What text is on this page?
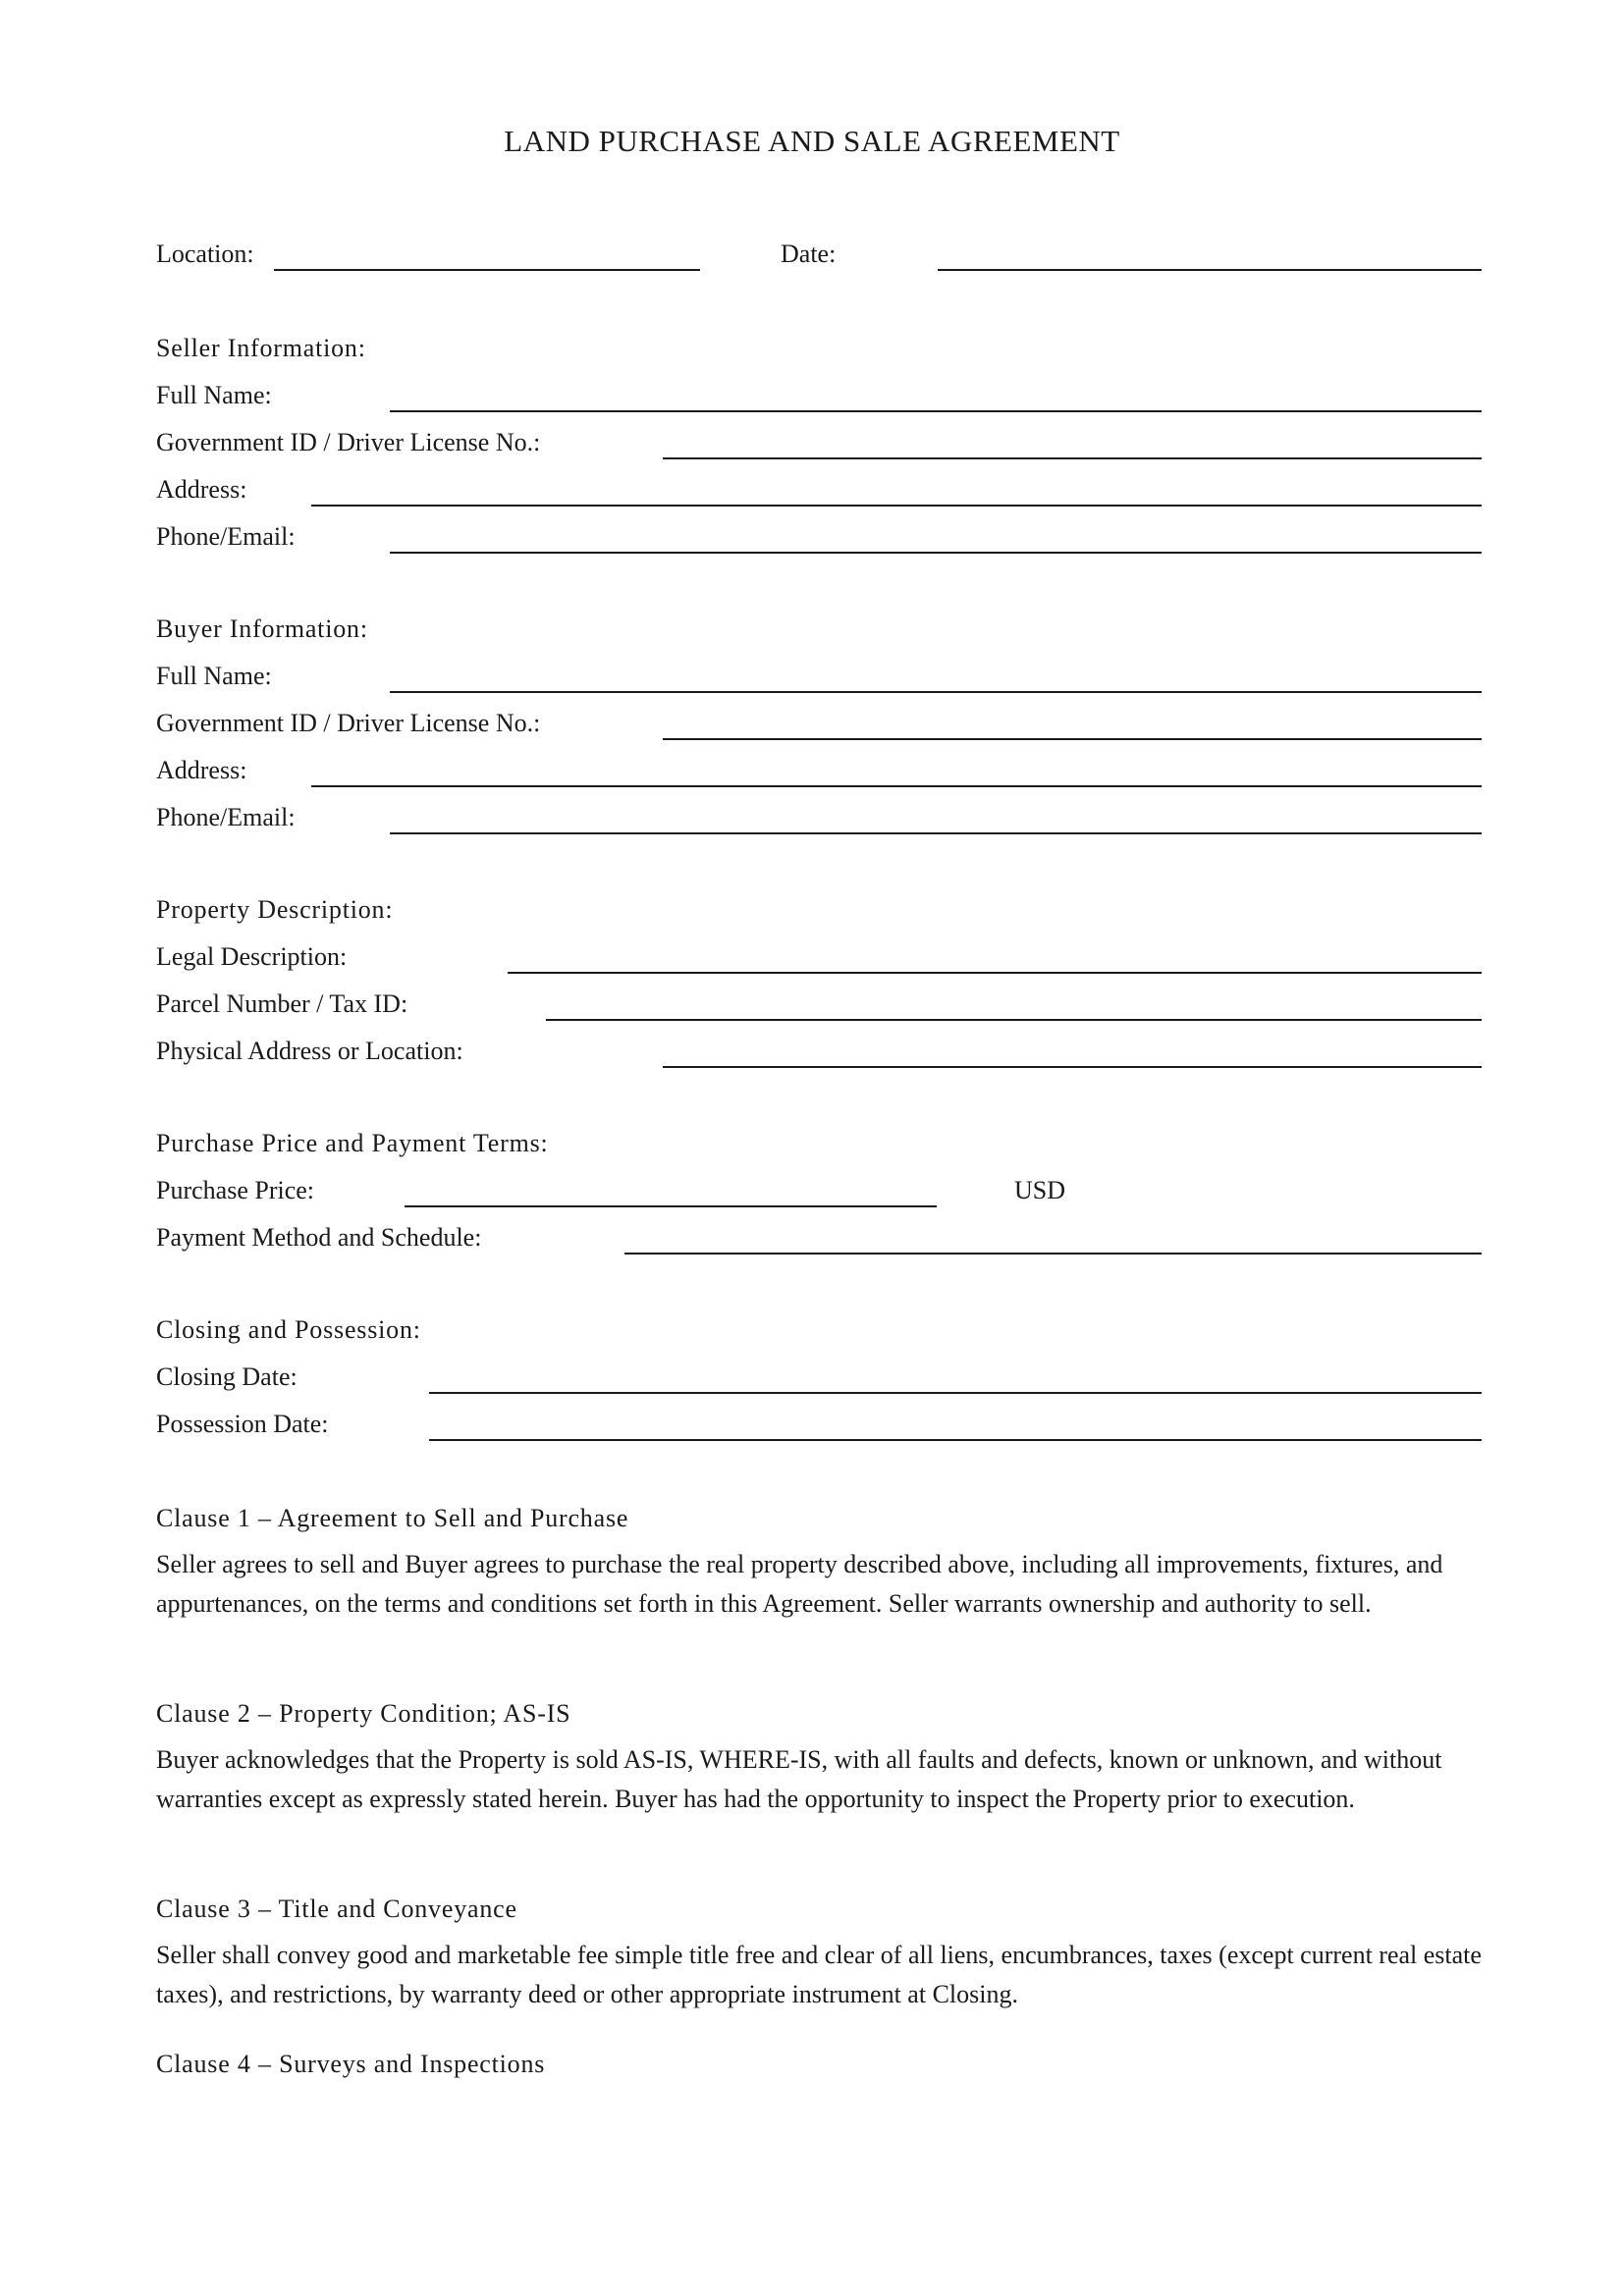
LAND PURCHASE AND SALE AGREEMENT
Location:	Date:
Seller Information:
Full Name:
Government ID / Driver License No.:
Address:
Phone/Email:
Buyer Information:
Full Name:
Government ID / Driver License No.:
Address:
Phone/Email:
Property Description:
Legal Description:
Parcel Number / Tax ID:
Physical Address or Location:
Purchase Price and Payment Terms:
Purchase Price:	USD
Payment Method and Schedule:
Closing and Possession:
Closing Date:
Possession Date:
Clause 1 – Agreement to Sell and Purchase
Seller agrees to sell and Buyer agrees to purchase the real property described above, including all improvements, fixtures, and appurtenances, on the terms and conditions set forth in this Agreement. Seller warrants ownership and authority to sell.
Clause 2 – Property Condition; AS-IS
Buyer acknowledges that the Property is sold AS-IS, WHERE-IS, with all faults and defects, known or unknown, and without warranties except as expressly stated herein. Buyer has had the opportunity to inspect the Property prior to execution.
Clause 3 – Title and Conveyance
Seller shall convey good and marketable fee simple title free and clear of all liens, encumbrances, taxes (except current real estate taxes), and restrictions, by warranty deed or other appropriate instrument at Closing.
Clause 4 – Surveys and Inspections
